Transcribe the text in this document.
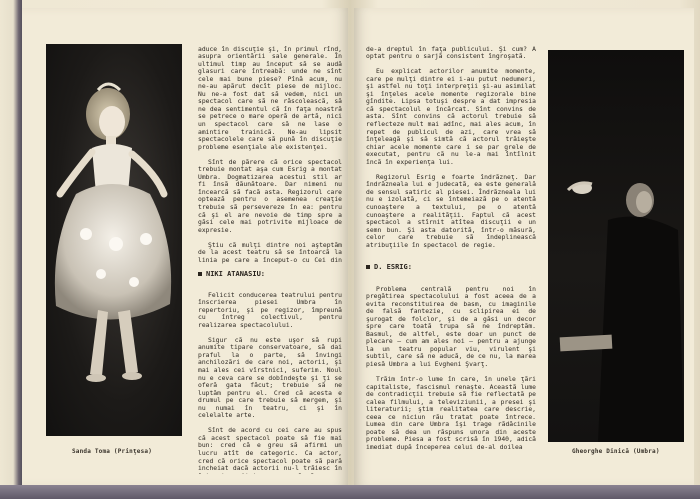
Sanda Toma (Prinţesa)

aduce în discuţie şi, în primul rînd, asupra orientării sale generale. În ultimul timp au început să se audă glasuri care întreabă: unde ne sînt cele mai bune piese? Pînă acum, nu ne-au apărut decît piese de mijloc. Nu ne-a fost dat să vedem, nici un spectacol care să ne răscolească, să ne dea sentimentul că în faţa noastră se petrece o mare operă de artă, nici un spectacol care să ne lase o amintire trainică. Ne-au lipsit spectacolele care să pună în discuţie probleme esenţiale ale existenţei.

Sînt de părere că orice spectacol trebuie montat aşa cum Esrig a montat Umbra. Dogmatizarea acestui stil ar fi însă dăunătoare. Dar nimeni nu încearcă să facă asta. Regizorul care optează pentru o asemenea creaţie trebuie să persevereze în ea: pentru că şi el are nevoie de timp spre a găsi cele mai potrivite mijloace de expresie.

Ştiu că mulţi dintre noi aşteptăm de la acest teatru să se întoarcă la linia pe care a început-o cu Cei din

NIKI ATANASIU:

Felicit conducerea teatrului pentru înscrierea piesei Umbra în repertoriu, şi pe regizor, împreună cu întreg colectivul, pentru realizarea spectacolului.

Sigur că nu este uşor să rupi anumite tipare conservatoare, să dai praful la o parte, să învingi anchilozări de care noi, actorii, şi mai ales cei vîrstnici, suferim. Noul nu e ceva care se dobîndeşte şi ţi se oferă gata făcut; trebuie să ne luptăm pentru el. Cred că acesta e drumul pe care trebuie să mergem, şi nu numai în teatru, ci şi în celelalte arte.

Sînt de acord cu cei care au spus că acest spectacol poate să fie mai bun: cred că e greu să afirmi un lucru atît de categoric. Ca actor, cred că orice spectacol poate să pară incheiat dacă actorii nu-l trăiesc în

de-a dreptul în faţa publicului. Şi cum? A optat pentru o sarjă consistent îngroşată.

Eu explicat actorilor anumite momente, care pe mulţi dintre ei i-au putut nedumeri, şi astfel nu toţi interpreţii şi-au asimilat şi înţeles acele momente regizorale bine gîndite. Lipsa totuşi despre a dat impresia că spectacolul e încărcat. Sînt convins de asta. Sînt convins că actorul trebuie să reflecteze mult mai adînc, mai ales acum, în repet de publicul de azi, care vrea să înţeleagă şi să simtă că actorul trăieşte chiar acele momente care i se par grele de executat, pentru că nu le-a mai întîlnit încă în experienţa lui.

Regizorul Esrig e foarte îndrăzneţ. Dar îndrăzneala lui e judecată, ea este generală de sensul satiric al piesei. Îndrăzneala lui nu e izolată, ci se întemeiază pe o atentă cunoaştere a textului, pe o atentă cunoaştere a realităţii. Faptul că acest spectacol a stîrnit atîtea discuţii e un semn bun. Şi asta datorită, într-o măsură, celor care trebuie să îndeplinească atribuţiile în spectacol de regie.

D. ESRIG:

Problema centrală pentru noi în pregătirea spectacolului a fost aceea de a evita reconstituirea de basm, cu imaginile de falsă fantezie, cu sclipirea ei de şurogat de folclor, şi de a găsi un decor spre care toată trupa să ne îndreptăm. Basmul, de altfel, este doar un punct de plecare — cum am ales noi — pentru a ajunge la un teatru popular viu, virulent şi subtil, care să ne aducă, de ce nu, la marea piesă Umbra a lui Evgheni Şvarţ.

Trăim într-o lume în care, în unele ţări capitaliste, fascismul renaşte. Această lume de contradicţii trebuie să fie reflectată pe calea filmului, a televiziunii, a presei şi literaturii; ştim realitatea care descrie, ceea ce niciun rău tratat poate întrece. Lumea din care Umbra îşi trage rădăcinile poate să dea un răspuns unora din aceste probleme. Piesa a fost scrisă în 1940, adică imediat după începerea celui de-al doilea

Gheorghe Dinică (Umbra)
